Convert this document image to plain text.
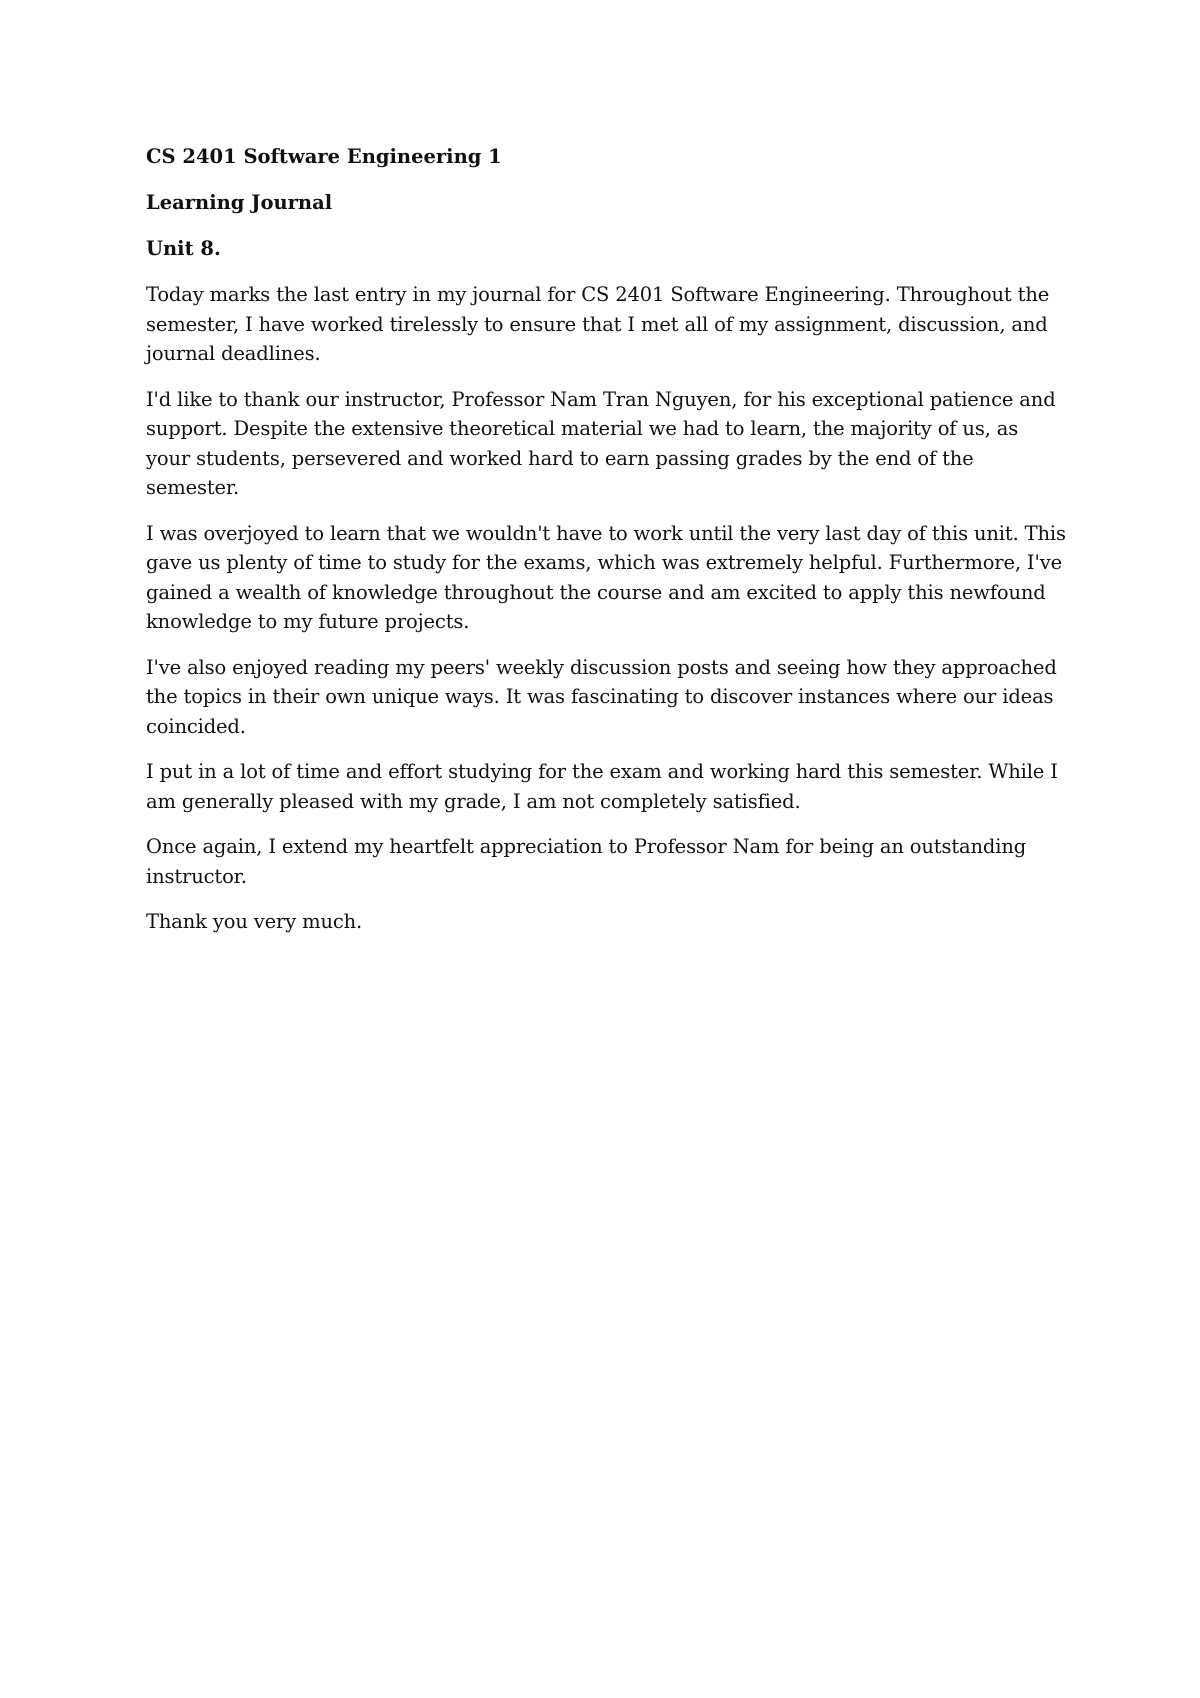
CS 2401 Software Engineering 1

Learning Journal

Unit 8.

Today marks the last entry in my journal for CS 2401 Software Engineering. Throughout the semester, I have worked tirelessly to ensure that I met all of my assignment, discussion, and journal deadlines.

I'd like to thank our instructor, Professor Nam Tran Nguyen, for his exceptional patience and support. Despite the extensive theoretical material we had to learn, the majority of us, as your students, persevered and worked hard to earn passing grades by the end of the semester.

I was overjoyed to learn that we wouldn't have to work until the very last day of this unit. This gave us plenty of time to study for the exams, which was extremely helpful. Furthermore, I've gained a wealth of knowledge throughout the course and am excited to apply this newfound knowledge to my future projects.

I've also enjoyed reading my peers' weekly discussion posts and seeing how they approached the topics in their own unique ways. It was fascinating to discover instances where our ideas coincided.

I put in a lot of time and effort studying for the exam and working hard this semester. While I am generally pleased with my grade, I am not completely satisfied.

Once again, I extend my heartfelt appreciation to Professor Nam for being an outstanding instructor.

Thank you very much.
